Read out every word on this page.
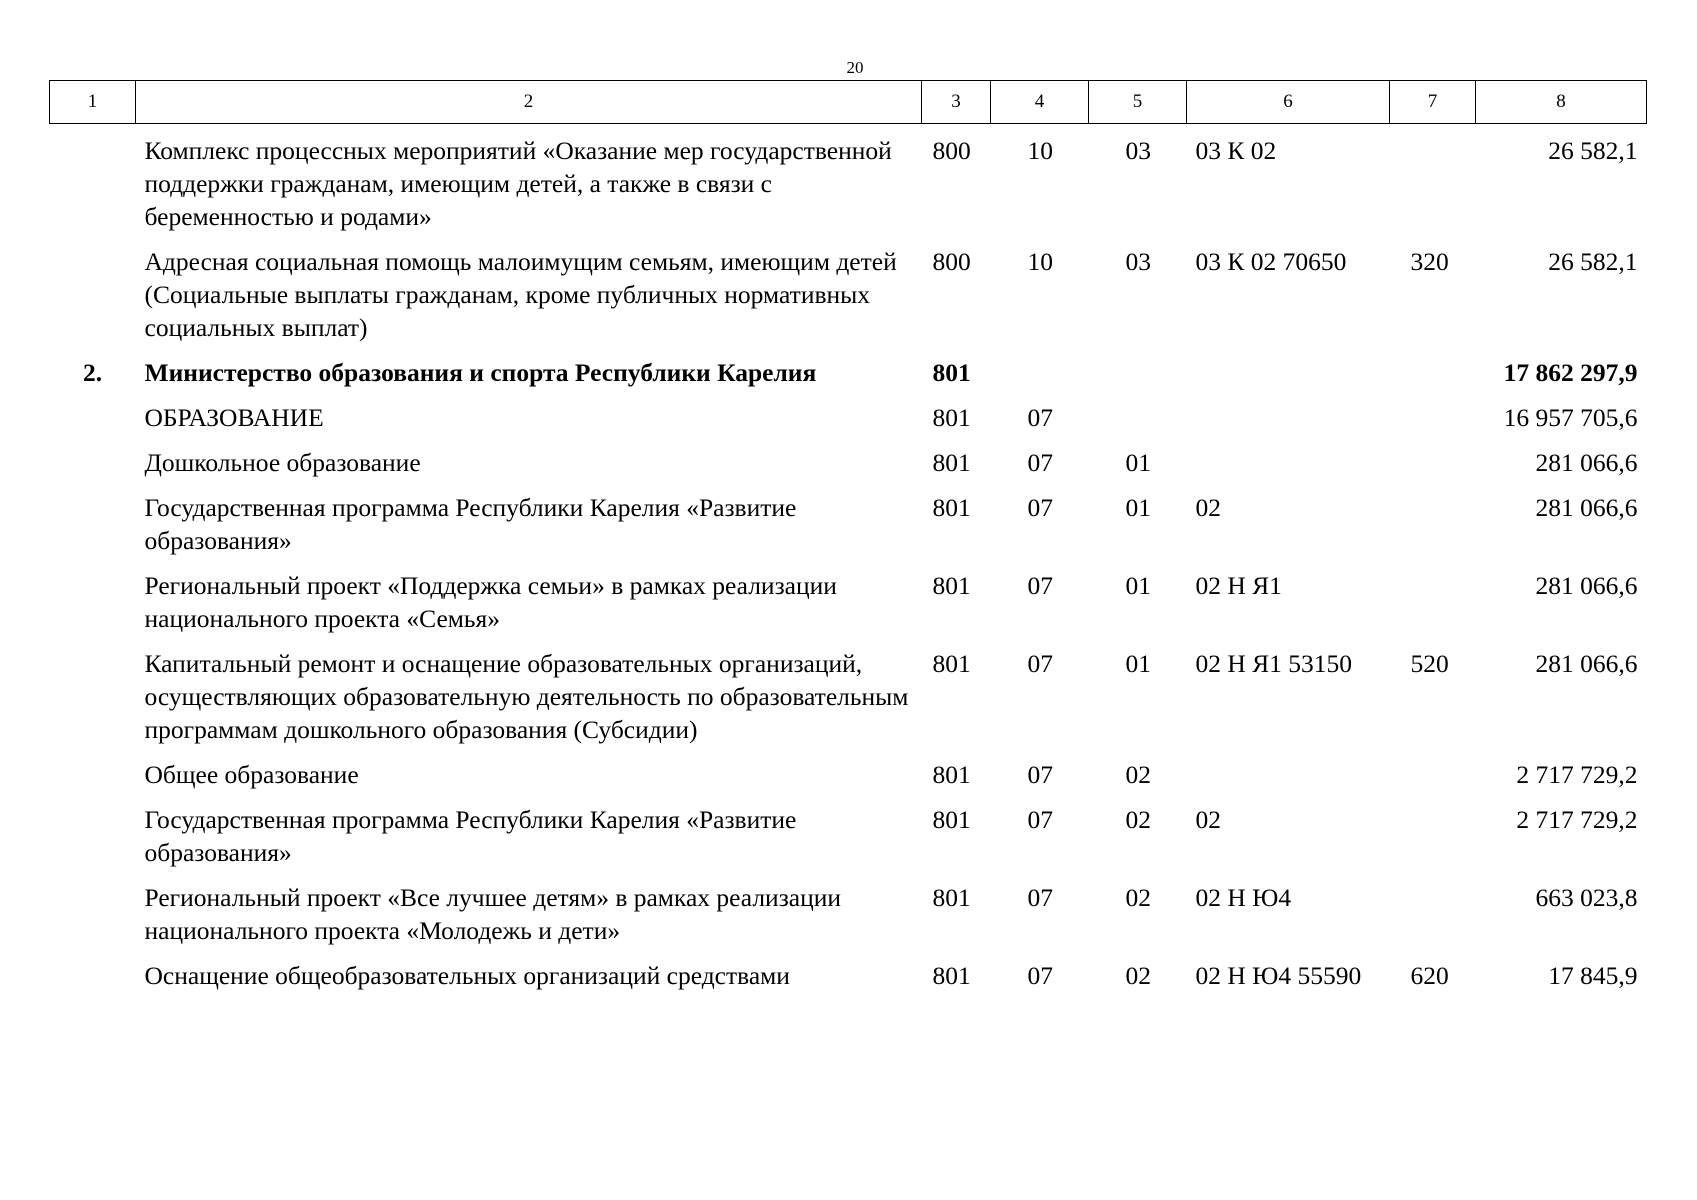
20
1	2	3	4	5	6	7	8
	Комплекс процессных мероприятий «Оказание мер государственной поддержки гражданам, имеющим детей, а также в связи с беременностью и родами»	800	10	03	03 К 02		26 582,1
	Адресная социальная помощь малоимущим семьям, имеющим детей (Социальные выплаты гражданам, кроме публичных нормативных социальных выплат)	800	10	03	03 К 02 70650	320	26 582,1
2.	Министерство образования и спорта Республики Карелия	801					17 862 297,9
	ОБРАЗОВАНИЕ	801	07				16 957 705,6
	Дошкольное образование	801	07	01			281 066,6
	Государственная программа Республики Карелия «Развитие образования»	801	07	01	02		281 066,6
	Региональный проект «Поддержка семьи» в рамках реализации национального проекта «Семья»	801	07	01	02 Н Я1		281 066,6
	Капитальный ремонт и оснащение образовательных организаций, осуществляющих образовательную деятельность по образовательным программам дошкольного образования (Субсидии)	801	07	01	02 Н Я1 53150	520	281 066,6
	Общее образование	801	07	02			2 717 729,2
	Государственная программа Республики Карелия «Развитие образования»	801	07	02	02		2 717 729,2
	Региональный проект «Все лучшее детям» в рамках реализации национального проекта «Молодежь и дети»	801	07	02	02 Н Ю4		663 023,8
	Оснащение общеобразовательных организаций средствами	801	07	02	02 Н Ю4 55590	620	17 845,9
